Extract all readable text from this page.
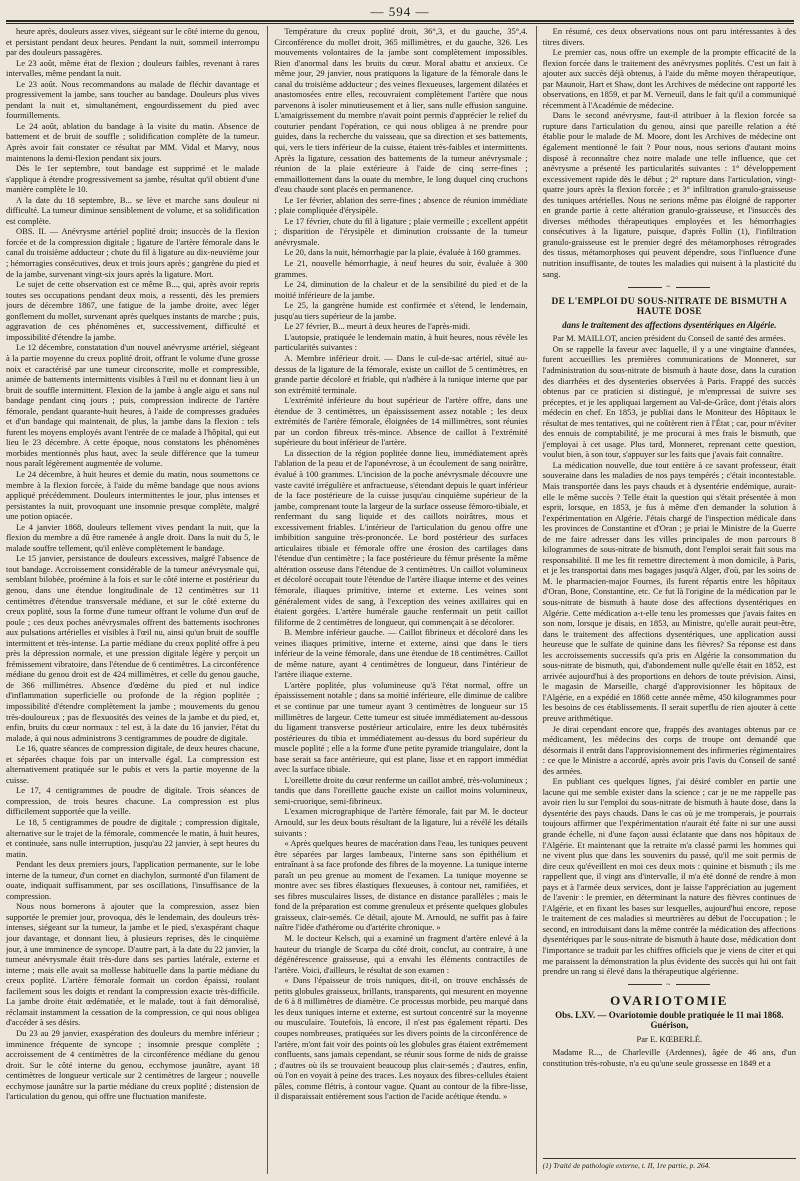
— 594 —

heure après, douleurs assez vives, siégeant sur le côté interne du genou, et persistant pendant deux heures. Pendant la nuit, sommeil interrompu par des douleurs passagères.

Le 23 août, même état de flexion ; douleurs faibles, revenant à rares intervalles, même pendant la nuit.

Le 23 août. Nous recommandons au malade de fléchir davantage et progressivement la jambe, sans toucher au bandage. Douleurs plus vives pendant la nuit et, simultanément, engourdissement du pied avec fourmillements.

Le 24 août, ablation du bandage à la visite du matin. Absence de battement et de bruit de souffle ; solidification complète de la tumeur. Après avoir fait constater ce résultat par MM. Vidal et Marvy, nous maintenons la demi-flexion pendant six jours.

Dès le 1er septembre, tout bandage est supprimé et le malade s'applique à étendre progressivement sa jambe, résultat qu'il obtient d'une manière complète le 10.

A la date du 18 septembre, B... se lève et marche sans douleur ni difficulté. La tumeur diminue sensiblement de volume, et sa solidification est complète.

OBS. II. — Anévrysme artériel poplité droit; insuccès de la flexion forcée et de la compression digitale ; ligature de l'artère fémorale dans le canal du troisième adducteur ; chute du fil à ligature au dix-neuvième jour ; hémorragies consécutives, deux et trois jours après ; gangrène du pied et de la jambe, survenant vingt-six jours après la ligature. Mort.

Le sujet de cette observation est ce même B..., qui, après avoir repris toutes ses occupations pendant deux mois, a ressenti, dès les premiers jours de décembre 1867, une fatigue de la jambe droite, avec léger gonflement du mollet, survenant après quelques instants de marche ; puis, aggravation de ces phénomènes et, successivement, difficulté et impossibilité d'étendre la jambe.

Le 12 décembre, constatation d'un nouvel anévrysme artériel, siégeant à la partie moyenne du creux poplité droit, offrant le volume d'une grosse noix et caractérisé par une tumeur circonscrite, molle et compressible, animée de battements intermittents visibles à l'œil nu et donnant lieu à un bruit de souffle intermittent. Flexion de la jambe à angle aigu et sans nul bandage pendant cinq jours ; puis, compression indirecte de l'artère fémorale, pendant quarante-huit heures, à l'aide de compresses graduées et d'un bandage qui maintenait, de plus, la jambe dans la flexion : tels furent les moyens employés avant l'entrée de ce malade à l'hôpital, qui eut lieu le 23 décembre. A cette époque, nous constatons les phénomènes morbides mentionnés plus haut, avec la seule différence que la tumeur nous paraît légèrement augmentée de volume.

Le 24 décembre, à huit heures et demie du matin, nous soumettons ce membre à la flexion forcée, à l'aide du même bandage que nous avions appliqué précédemment. Douleurs intermittentes le jour, plus intenses et persistantes la nuit, provoquant une insomnie presque complète, malgré une potion opiacée.

Le 4 janvier 1868, douleurs tellement vives pendant la nuit, que la flexion du membre a dû être ramenée à angle droit. Dans la nuit du 5, le malade souffre tellement, qu'il enlève complètement le bandage.

Le 15 janvier, persistance de douleurs excessives, malgré l'absence de tout bandage. Accroissement considérable de la tumeur anévrysmale qui, semblant bilobée, proémine à la fois et sur le côté interne et postérieur du genou, dans une étendue longitudinale de 12 centimètres sur 11 centimètres d'étendue transversale médiane, et sur le côté externe du creux poplité, sous la forme d'une tumeur offrant le volume d'un œuf de poule ; ces deux poches anévrysmales offrent des battements isochrones aux pulsations artérielles et visibles à l'œil nu, ainsi qu'un bruit de souffle intermittent et très-intense. La partie médiane du creux poplité offre à peu près la dépression normale, et une pression digitale légère y perçoit un frémissement vibratoire, dans l'étendue de 6 centimètres. La circonférence médiane du genou droit est de 424 millimètres, et celle du genou gauche, de 366 millimètres. Absence d'œdème du pied et nul indice d'inflammation superficielle ou profonde de la région poplitée ; impossibilité d'étendre complètement la jambe ; mouvements du genou très-douloureux ; pas de flexuosités des veines de la jambe et du pied, et, enfin, bruits du cœur normaux : tel est, à la date du 16 janvier, l'état du malade, à qui nous administrons 3 centigrammes de poudre de digitale.

Le 16, quatre séances de compression digitale, de deux heures chacune, et séparées chaque fois par un intervalle égal. La compression est alternativement pratiquée sur le pubis et vers la partie moyenne de la cuisse.

Le 17, 4 centigrammes de poudre de digitale. Trois séances de compression, de trois heures chacune. La compression est plus difficilement supportée que la veille.

Le 18, 5 centigrammes de poudre de digitale ; compression digitale, alternative sur le trajet de la fémorale, commencée le matin, à huit heures, et continuée, sans nulle interruption, jusqu'au 22 janvier, à sept heures du matin.

Pendant les deux premiers jours, l'application permanente, sur le lobe interne de la tumeur, d'un cornet en diachylon, surmonté d'un filament de ouate, indiquait suffisamment, par ses oscillations, l'insuffisance de la compression.

Nous nous bornerons à ajouter que la compression, assez bien supportée le premier jour, provoqua, dès le lendemain, des douleurs très-intenses, siégeant sur la tumeur, la jambe et le pied, s'exaspérant chaque jour davantage, et donnant lieu, à plusieurs reprises, dès le cinquième jour, à une imminence de syncope. D'autre part, à la date du 22 janvier, la tumeur anévrysmale était très-dure dans ses parties latérale, externe et interne ; mais elle avait sa mollesse habituelle dans la partie médiane du creux poplité. L'artère fémorale formait un cordon épaissi, roulant facilement sous les doigts et rendant la compression exacte très-difficile. La jambe droite était œdématiée, et le malade, tout à fait démoralisé, réclamait instamment la cessation de la compression, ce qui nous obligea d'accéder à ses désirs.

Du 23 au 29 janvier, exaspération des douleurs du membre inférieur ; imminence fréquente de syncope ; insomnie presque complète ; accroissement de 4 centimètres de la circonférence médiane du genou droit. Sur le côté interne du genou, ecchymose jaunâtre, ayant 18 centimètres de longueur verticale sur 2 centimètres de largeur ; nouvelle ecchymose jaunâtre sur la partie médiane du creux poplité ; distension de l'articulation du genou, qui offre une fluctuation manifeste.

Température du creux poplité droit, 36°,3, et du gauche, 35°,4. Circonférence du mollet droit, 365 millimètres, et du gauche, 326. Les mouvements volontaires de la jambe sont complètement impossibles. Rien d'anormal dans les bruits du cœur. Moral abattu et anxieux. Ce même jour, 29 janvier, nous pratiquons la ligature de la fémorale dans le canal du troisième adducteur ; des veines flexueuses, largement dilatées et anastomosées entre elles, recouvraient complètement l'artère que nous parvenons à isoler minutieusement et à lier, sans nulle effusion sanguine. L'amaigrissement du membre n'avait point permis d'apprécier le relief du couturier pendant l'opération, ce qui nous obligea à ne prendre pour guides, dans la recherche du vaisseau, que sa direction et ses battements, qui, vers le tiers inférieur de la cuisse, étaient très-faibles et intermittents. Après la ligature, cessation des battements de la tumeur anévrysmale ; réunion de la plaie extérieure à l'aide de cinq serre-fines ; emmaillottement dans la ouate du membre, le long duquel cinq cruchons d'eau chaude sont placés en permanence.

Le 1er février, ablation des serre-fines ; absence de réunion immédiate ; plaie compliquée d'érysipèle.

Le 17 février, chute du fil à ligature ; plaie vermeille ; excellent appétit ; disparition de l'érysipèle et diminution croissante de la tumeur anévrysmale.

Le 20, dans la nuit, hémorrhagie par la plaie, évaluée à 160 grammes.

Le 21, nouvelle hémorrhagie, à neuf heures du soir, évaluée à 300 grammes.

Le 24, diminution de la chaleur et de la sensibilité du pied et de la moitié inférieure de la jambe.

Le 25, la gangrène humide est confirmée et s'étend, le lendemain, jusqu'au tiers supérieur de la jambe.

Le 27 février, B... meurt à deux heures de l'après-midi.

L'autopsie, pratiquée le lendemain matin, à huit heures, nous révèle les particularités suivantes :

A. Membre inférieur droit. — Dans le cul-de-sac artériel, situé au-dessus de la ligature de la fémorale, existe un caillot de 5 centimètres, en grande partie décoloré et friable, qui n'adhère à la tunique interne que par son extrémité terminale.

L'extrémité inférieure du bout supérieur de l'artère offre, dans une étendue de 3 centimètres, un épaississement assez notable ; les deux extrémités de l'artère fémorale, éloignées de 14 millimètres, sont réunies par un cordon fibreux très-mince. Absence de caillot à l'extrémité supérieure du bout inférieur de l'artère.

La dissection de la région poplitée donne lieu, immédiatement après l'ablation de la peau et de l'aponévrose, à un écoulement de sang noirâtre, évalué à 100 grammes. L'incision de la poche anévrysmale découvre une vaste cavité irrégulière et anfractueuse, s'étendant depuis le quart inférieur de la face postérieure de la cuisse jusqu'au cinquième supérieur de la jambe, comprenant toute la largeur de la surface osseuse fémoro-tibiale, et renfermant du sang liquide et des caillots noirâtres, mous et excessivement friables. L'intérieur de l'articulation du genou offre une imbibition sanguine très-prononcée. Le bord postérieur des surfaces articulaires tibiale et fémorale offre une érosion des cartilages dans l'étendue d'un centimètre ; la face postérieure du fémur présente la même altération osseuse dans l'étendue de 3 centimètres. Un caillot volumineux et décoloré occupait toute l'étendue de l'artère iliaque interne et des veines fémorale, iliaques primitive, interne et externe. Les veines sont généralement vides de sang, à l'exception des veines axillaires qui en étaient gorgées. L'artère humérale gauche renfermait un petit caillot filiforme de 2 centimètres de longueur, qui commençait à se décolorer.

B. Membre inférieur gauche. — Caillot fibrineux et décoloré dans les veines iliaques primitive, interne et externe, ainsi que dans le tiers inférieur de la veine fémorale, dans une étendue de 18 centimètres. Caillot de même nature, ayant 4 centimètres de longueur, dans l'intérieur de l'artère iliaque externe.

L'artère poplitée, plus volumineuse qu'à l'état normal, offre un épaississement notable ; dans sa moitié inférieure, elle diminue de calibre et se continue par une tumeur ayant 3 centimètres de longueur sur 15 millimètres de largeur. Cette tumeur est située immédiatement au-dessous du ligament transverse postérieur articulaire, entre les deux tubérosités postérieures du tibia et immédiatement au-dessus du bord supérieur du muscle poplité ; elle a la forme d'une petite pyramide triangulaire, dont la base serait sa face antérieure, qui est plane, lisse et en rapport immédiat avec la surface tibiale.

L'oreillette droite du cœur renferme un caillot ambré, très-volumineux ; tandis que dans l'oreillette gauche existe un caillot moins volumineux, semi-cruorique, semi-fibrineux.

L'examen micrographique de l'artère fémorale, fait par M. le docteur Arnould, sur les deux bouts résultant de la ligature, lui a révélé les détails suivants :

« Après quelques heures de macération dans l'eau, les tuniques peuvent être séparées par larges lambeaux, l'interne sans son épithélium et entraînant à sa face profonde des fibres de la moyenne. La tunique interne paraît un peu grenue au moment de l'examen. La tunique moyenne se montre avec ses fibres élastiques flexueuses, à contour net, ramifiées, et ses fibres musculaires lisses, de distance en distance parallèles ; mais le fond de la préparation est comme grenuleux et présente quelques globules graisseux, clair-semés. Ce détail, ajoute M. Arnould, ne suffit pas à faire naître l'idée d'athérome ou d'artérite chronique. »

M. le docteur Kelsch, qui a examiné un fragment d'artère enlevé à la hauteur du triangle de Scarpa du côté droit, conclut, au contraire, à une dégénérescence graisseuse, qui a envahi les éléments contractiles de l'artère. Voici, d'ailleurs, le résultat de son examen :

« Dans l'épaisseur de trois tuniques, dit-il, on trouve enchâssés de petits globules graisseux, brillants, transparents, qui mesurent en moyenne de 6 à 8 millimètres de diamètre. Ce processus morbide, peu marqué dans les deux tuniques interne et externe, est surtout concentré sur la moyenne ou musculaire. Toutefois, là encore, il n'est pas également réparti. Des coupes nombreuses, pratiquées sur les divers points de la circonférence de l'artère, m'ont fait voir des points où les globules gras étaient extrêmement confluents, sans jamais cependant, se réunir sous forme de nids de graisse ; d'autres où ils se trouvaient beaucoup plus clair-semés ; d'autres, enfin, où l'on en voyait à peine des traces. Les noyaux des fibres-cellules étaient pâles, comme flétris, à contour vague. Quant au contour de la fibre-lisse, il disparaissait entièrement sous l'action de l'acide acétique étendu. »

En résumé, ces deux observations nous ont paru intéressantes à des titres divers.

Le premier cas, nous offre un exemple de la prompte efficacité de la flexion forcée dans le traitement des anévrysmes poplités. C'est un fait à ajouter aux succès déjà obtenus, à l'aide du même moyen thérapeutique, par Maunoir, Hart et Shaw, dont les Archives de médecine ont rapporté les observations, en 1859, et par M. Verneuil, dans le fait qu'il a communiqué récemment à l'Académie de médecine.

Dans le second anévrysme, faut-il attribuer à la flexion forcée sa rupture dans l'articulation du genou, ainsi que pareille relation a été établie pour le malade de M. Moore, dont les Archives de médecine ont également mentionné le fait ? Pour nous, nous serions d'autant moins disposé à reconnaître chez notre malade une telle influence, que cet anévrysme a présenté les particularités suivantes : 1° développement excessivement rapide dès le début ; 2° rupture dans l'articulation, vingt-quatre jours après la flexion forcée ; et 3° infiltration granulo-graisseuse des tuniques artérielles. Nous ne serions même pas éloigné de rapporter en grande partie à cette altération granulo-graisseuse, et l'insuccès des diverses méthodes thérapeutiques employées et les hémorrhagies consécutives à la ligature, puisque, d'après Follin (1), l'infiltration granulo-graisseuse est le premier degré des métamorphoses rétrogrades des tissus, métamorphoses qui peuvent dépendre, sous l'influence d'une nutrition insuffisante, de toutes les maladies qui nuisent à la plasticité du sang.

~

DE L'EMPLOI DU SOUS-NITRATE DE BISMUTH A HAUTE DOSE

dans le traitement des affections dysentériques en Algérie.

Par M. MAILLOT, ancien président du Conseil de santé des armées.

On se rappelle la faveur avec laquelle, il y a une vingtaine d'années, furent accueillies les premières communications de Monneret, sur l'administration du sous-nitrate de bismuth à haute dose, dans la curation des diarrhées et des dysenteries observées à Paris. Frappé des succès obtenus par ce praticien si distingué, je m'empressai de suivre ses préceptes, et je les appliquai largement au Val-de-Grâce, dont j'étais alors médecin en chef. En 1853, je publiai dans le Moniteur des Hôpitaux le résultat de mes tentatives, qui ne coûtèrent rien à l'État ; car, pour m'éviter des ennuis de comptabilité, je me procurai à mes frais le bismuth, que j'employai à cet usage. Plus tard, Monneret, reprenant cette question, voulut bien, à son tour, s'appuyer sur les faits que j'avais fait connaître.

La médication nouvelle, due tout entière à ce savant professeur, était souveraine dans les maladies de nos pays tempérés ; c'était incontestable. Mais transportée dans les pays chauds et à dysentérie endémique, aurait-elle le même succès ? Telle était la question qui s'était présentée à mon esprit, lorsque, en 1853, je fus à même d'en demander la solution à l'expérimentation en Algérie. J'étais chargé de l'inspection médicale dans les provinces de Constantine et d'Oran ; je priai le Ministre de la Guerre de me faire adresser dans les villes principales de mon parcours 8 kilogrammes de sous-nitrate de bismuth, dont l'emploi serait fait sous ma responsabilité. Il me les fit remettre directement à mon domicile, à Paris, et je les transportai dans mes bagages jusqu'à Alger, d'où, par les soins de M. le pharmacien-major Fournes, ils furent répartis entre les hôpitaux d'Oran, Bone, Constantine, etc. Ce fut là l'origine de la médication par le sous-nitrate de bismuth à haute dose des affections dysentériques en Algérie. Cette médication a-t-elle tenu les promesses que j'avais faites en son nom, lorsque je disais, en 1853, au Ministre, qu'elle aurait peut-être, dans le traitement des affections dysentériques, une application aussi heureuse que le sulfate de quinine dans les fièvres? Sa réponse est dans les accroissements successifs qu'a pris en Algérie la consommation du sous-nitrate de bismuth, qui, d'abondement nulle qu'elle était en 1852, est arrivée aujourd'hui à des proportions en dehors de toute prévision. Ainsi, le magasin de Marseille, chargé d'approvisionner les hôpitaux de l'Algérie, en a expédié en 1868 cette année même, 450 kilogrammes pour les besoins de ces établissements. Il serait superflu de rien ajouter à cette preuve arithmétique.

Je dirai cependant encore que, frappés des avantages obtenus par ce médicament, les médecins des corps de troupe ont demandé que désormais il entrât dans l'approvisionnement des infirmeries régimentaires : ce que le Ministre a accordé, après avoir pris l'avis du Conseil de santé des armées.

En publiant ces quelques lignes, j'ai désiré combler en partie une lacune qui me semble exister dans la science ; car je ne me rappelle pas avoir rien lu sur l'emploi du sous-nitrate de bismuth à haute dose, dans la dysentérie des pays chauds. Dans le cas où je me tromperais, je pourrais toujours affirmer que l'expérimentation n'aurait été faite ni sur une aussi grande échelle, ni d'une façon aussi éclatante que dans nos hôpitaux de l'Algérie. Et maintenant que la retraite m'a classé parmi les hommes qui ne vivent plus que dans les souvenirs du passé, qu'il me soit permis de dire ceux qu'éveillent en moi ces deux mots : quinine et bismuth ; ils me rappellent que, il vingt ans d'intervalle, il m'a été donné de rendre à mon pays et à l'armée deux services, dont je laisse l'appréciation au jugement de l'avenir : le premier, en déterminant la nature des fièvres continues de l'Algérie, et en fixant les bases sur lesquelles, aujourd'hui encore, repose le traitement de ces maladies si meurtrières au début de l'occupation ; le second, en introduisant dans la même contrée la médication des affections dysentériques par le sous-nitrate de bismuth à haute dose, médication dont l'importance se traduit par les chiffres officiels que je viens de citer et qui me paraissent la démonstration la plus évidente des succès qui lui ont fait prendre un rang si élevé dans la thérapeutique algérienne.

~

OVARIOTOMIE

Obs. LXV. — Ovariotomie double pratiquée le 11 mai 1868. Guérison,

Par E. KŒBERLÉ.

Madame R..., de Charleville (Ardennes), âgée de 46 ans, d'un constitution très-robuste, n'a eu qu'une seule grossesse en 1849 et a

(1) Traité de pathologie externe, t. II, 1re partie, p. 264.
